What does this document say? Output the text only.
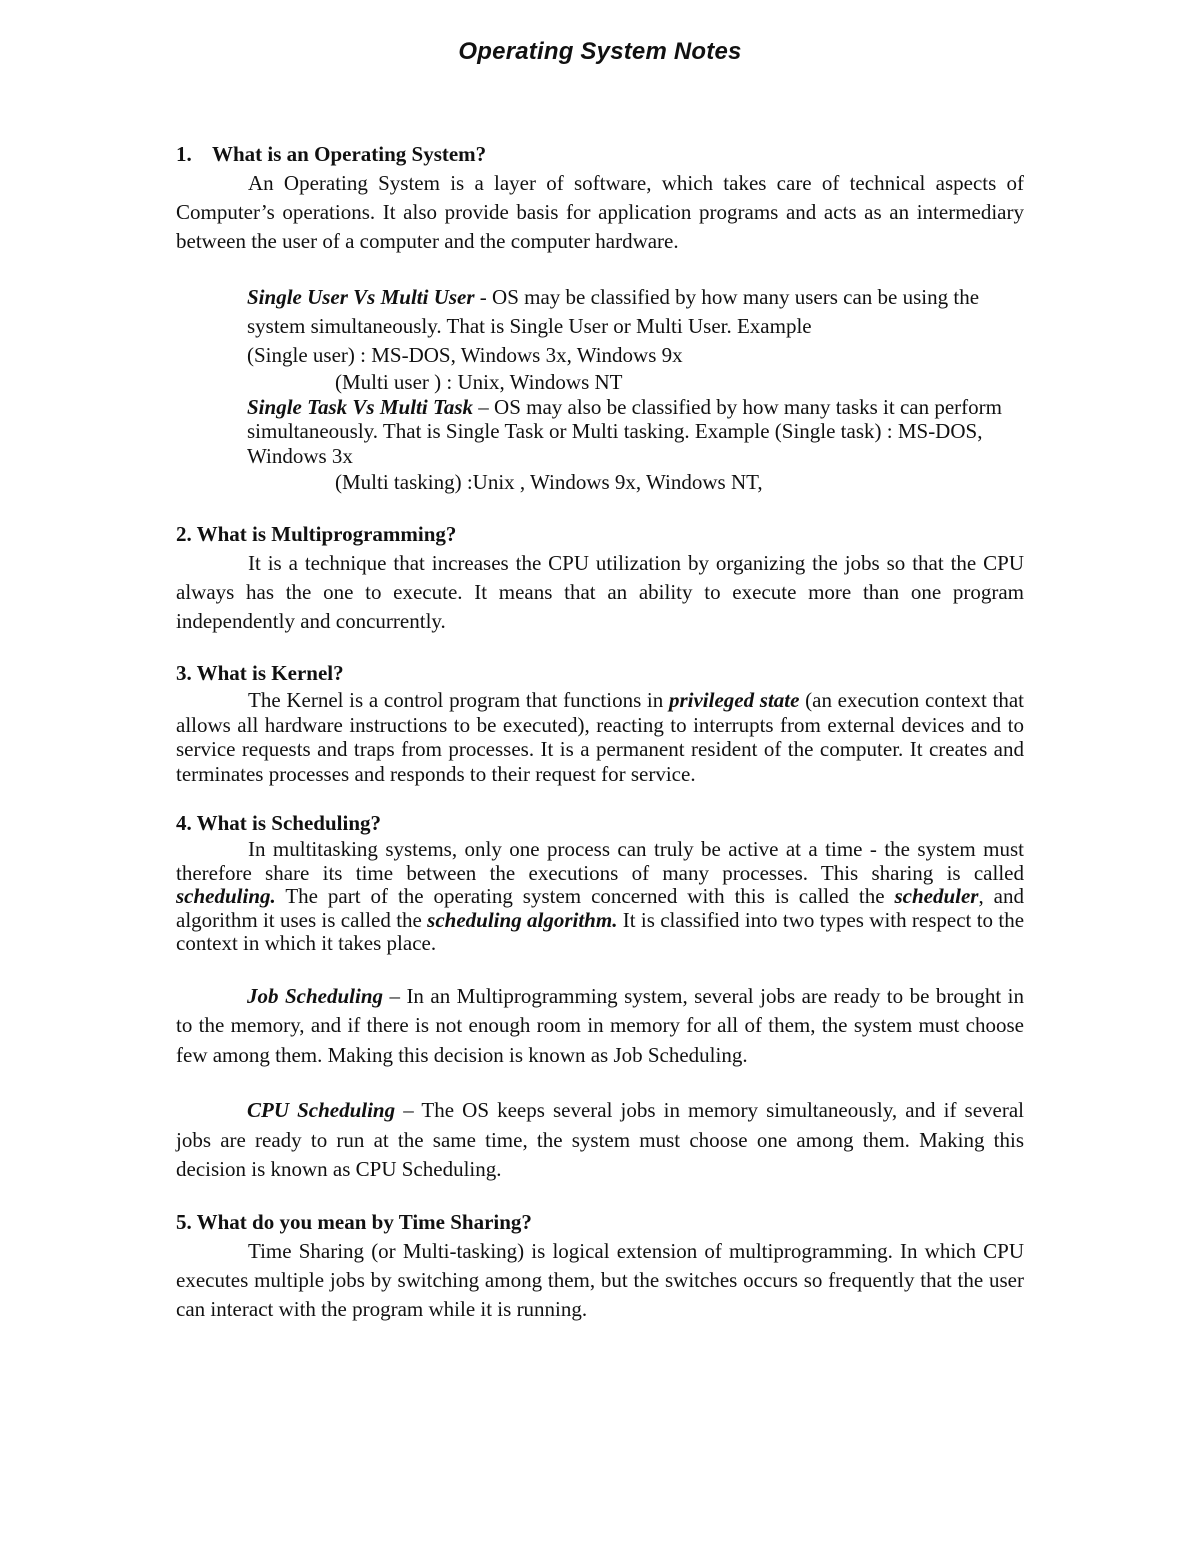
Operating System Notes
1. What is an Operating System?

An Operating System is a layer of software, which takes care of technical aspects of Computer’s operations. It also provide basis for application programs and acts as an intermediary between the user of a computer and the computer hardware.

Single User Vs Multi User - OS may be classified by how many users can be using the system simultaneously. That is Single User or Multi User. Example

(Single user) : MS-DOS, Windows 3x, Windows 9x

(Multi user ) : Unix, Windows NT

Single Task Vs Multi Task – OS may also be classified by how many tasks it can perform simultaneously. That is Single Task or Multi tasking. Example (Single task) : MS-DOS, Windows 3x

(Multi tasking) :Unix , Windows 9x, Windows NT,

2. What is Multiprogramming?

It is a technique that increases the CPU utilization by organizing the jobs so that the CPU always has the one to execute. It means that an ability to execute more than one program independently and concurrently.

3. What is Kernel?

The Kernel is a control program that functions in privileged state (an execution context that allows all hardware instructions to be executed), reacting to interrupts from external devices and to service requests and traps from processes. It is a permanent resident of the computer. It creates and terminates processes and responds to their request for service.

4. What is Scheduling?

In multitasking systems, only one process can truly be active at a time - the system must therefore share its time between the executions of many processes. This sharing is called scheduling. The part of the operating system concerned with this is called the scheduler, and algorithm it uses is called the scheduling algorithm. It is classified into two types with respect to the context in which it takes place.

Job Scheduling – In an Multiprogramming system, several jobs are ready to be brought in to the memory, and if there is not enough room in memory for all of them, the system must choose few among them. Making this decision is known as Job Scheduling.

CPU Scheduling – The OS keeps several jobs in memory simultaneously, and if several jobs are ready to run at the same time, the system must choose one among them. Making this decision is known as CPU Scheduling.

5. What do you mean by Time Sharing?

Time Sharing (or Multi-tasking) is logical extension of multiprogramming. In which CPU executes multiple jobs by switching among them, but the switches occurs so frequently that the user can interact with the program while it is running.
